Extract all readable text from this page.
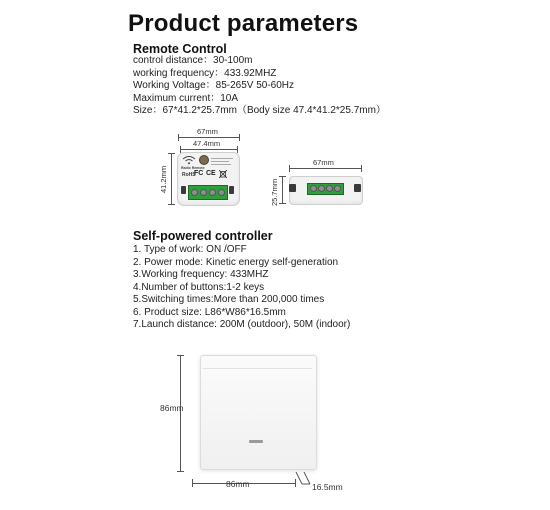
Product parameters
Remote Control
control distance：30-100m
working frequency：433.92MHZ
Working Voltage：85-265V 50-60Hz
Maximum current：10A
Size：67*41.2*25.7mm（Body size 47.4*41.2*25.7mm）
67mm
47.4mm
41.2mm	Radio Remote
RoHS
FC CE
67mm
25.7mm
Self-powered controller
1. Type of work: ON /OFF
2. Power mode: Kinetic energy self-generation
3.Working frequency: 433MHZ
4.Number of buttons:1-2 keys
5.Switching times:More than 200,000 times
6. Product size: L86*W86*16.5mm
7.Launch distance: 200M (outdoor), 50M (indoor)
86mm
86mm	16.5mm
